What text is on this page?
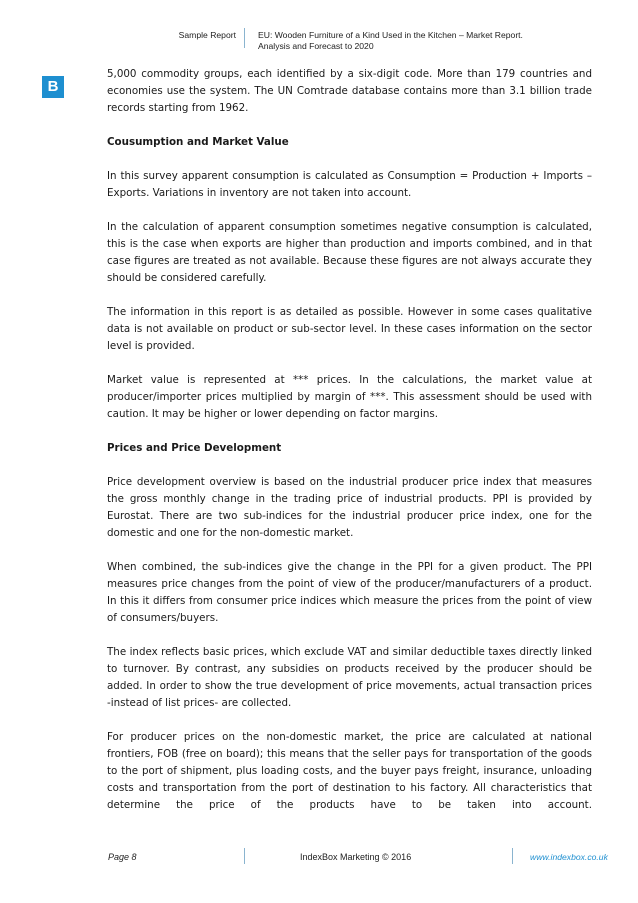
Sample Report	EU: Wooden Furniture of a Kind Used in the Kitchen – Market Report.
Analysis and Forecast to 2020
B

5,000 commodity groups, each identified by a six-digit code. More than 179 countries and economies use the system. The UN Comtrade database contains more than 3.1 billion trade records starting from 1962.

Cousumption and Market Value

In this survey apparent consumption is calculated as Consumption = Production + Imports – Exports. Variations in inventory are not taken into account.

In the calculation of apparent consumption sometimes negative consumption is calculated, this is the case when exports are higher than production and imports combined, and in that case figures are treated as not available. Because these figures are not always accurate they should be considered carefully.

The information in this report is as detailed as possible. However in some cases qualitative data is not available on product or sub-sector level. In these cases information on the sector level is provided.

Market value is represented at *** prices. In the calculations, the market value at producer/importer prices multiplied by margin of ***. This assessment should be used with caution. It may be higher or lower depending on factor margins.

Prices and Price Development

Price development overview is based on the industrial producer price index that measures the gross monthly change in the trading price of industrial products. PPI is provided by Eurostat. There are two sub-indices for the industrial producer price index, one for the domestic and one for the non-domestic market.

When combined, the sub-indices give the change in the PPI for a given product. The PPI measures price changes from the point of view of the producer/manufacturers of a product. In this it differs from consumer price indices which measure the prices from the point of view of consumers/buyers.

The index reflects basic prices, which exclude VAT and similar deductible taxes directly linked to turnover. By contrast, any subsidies on products received by the producer should be added. In order to show the true development of price movements, actual transaction prices -instead of list prices- are collected.

For producer prices on the non-domestic market, the price are calculated at national frontiers, FOB (free on board); this means that the seller pays for transportation of the goods to the port of shipment, plus loading costs, and the buyer pays freight, insurance, unloading costs and transportation from the port of destination to his factory. All characteristics that determine the price of the products have to be taken into account.

Page 8	IndexBox Marketing © 2016	www.indexbox.co.uk
